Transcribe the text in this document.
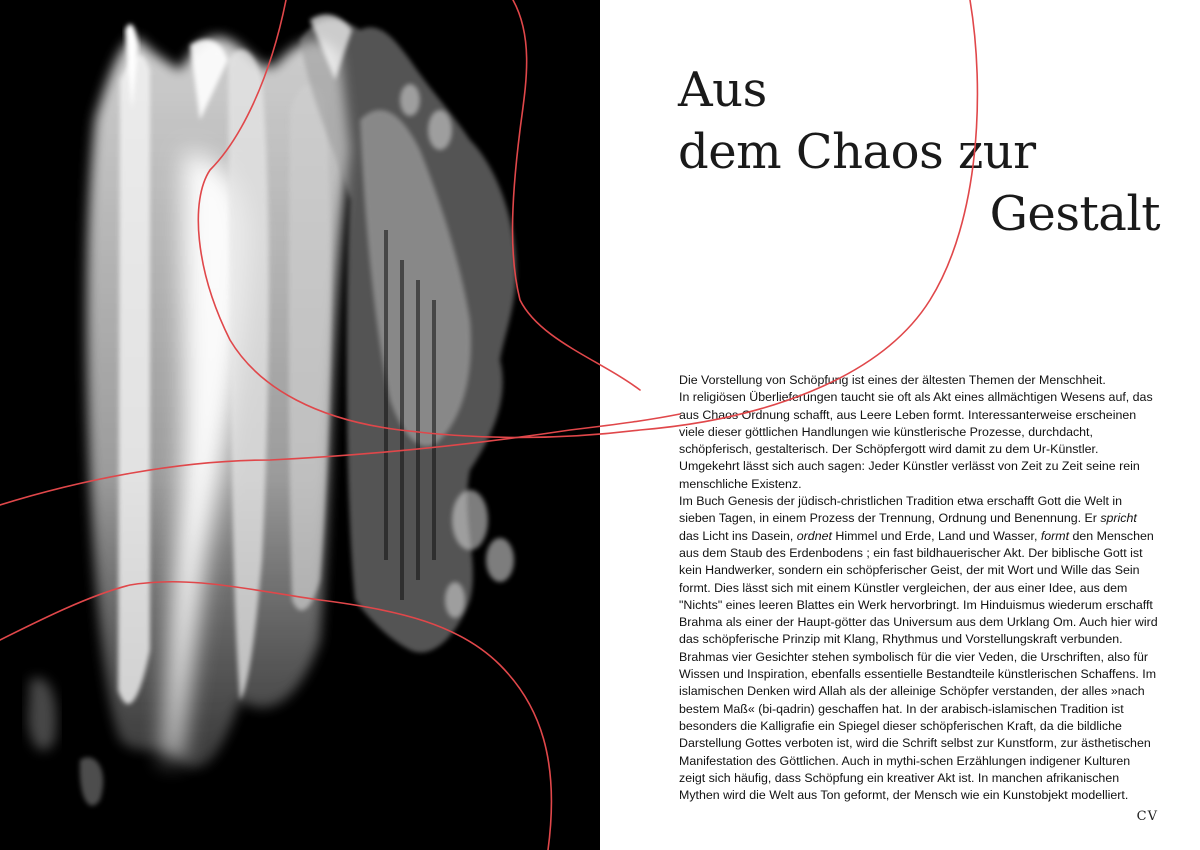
Aus
dem Chaos zur
Gestalt

Die Vorstellung von Schöpfung ist eines der ältesten Themen der Menschheit.

In religiösen Überlieferungen taucht sie oft als Akt eines allmächtigen Wesens auf, das aus Chaos Ordnung schafft, aus Leere Leben formt. Interessanterweise erscheinen viele dieser göttlichen Handlungen wie künstlerische Prozesse, durchdacht, schöpferisch, gestalterisch. Der Schöpfergott wird damit zu dem Ur-Künstler. Umgekehrt lässt sich auch sagen: Jeder Künstler verlässt von Zeit zu Zeit seine rein menschliche Existenz.

Im Buch Genesis der jüdisch-christlichen Tradition etwa erschafft Gott die Welt in sieben Tagen, in einem Prozess der Trennung, Ordnung und Benennung. Er spricht das Licht ins Dasein, ordnet Himmel und Erde, Land und Wasser, formt den Menschen aus dem Staub des Erdenbodens ; ein fast bildhauerischer Akt. Der biblische Gott ist kein Handwerker, sondern ein schöpferischer Geist, der mit Wort und Wille das Sein formt. Dies lässt sich mit einem Künstler vergleichen, der aus einer Idee, aus dem "Nichts" eines leeren Blattes ein Werk hervorbringt. Im Hinduismus wiederum erschafft Brahma als einer der Haupt-götter das Universum aus dem Urklang Om. Auch hier wird das schöpferische Prinzip mit Klang, Rhythmus und Vorstellungskraft verbunden. Brahmas vier Gesichter stehen symbolisch für die vier Veden, die Urschriften, also für Wissen und Inspiration, ebenfalls essentielle Bestandteile künstlerischen Schaffens. Im islamischen Denken wird Allah als der alleinige Schöpfer verstanden, der alles »nach bestem Maß« (bi-qadrin) geschaffen hat. In der arabisch-islamischen Tradition ist besonders die Kalligrafie ein Spiegel dieser schöpferischen Kraft, da die bildliche Darstellung Gottes verboten ist, wird die Schrift selbst zur Kunstform, zur ästhetischen Manifestation des Göttlichen. Auch in mythi-schen Erzählungen indigener Kulturen zeigt sich häufig, dass Schöpfung ein kreativer Akt ist. In manchen afrikanischen Mythen wird die Welt aus Ton geformt, der Mensch wie ein Kunstobjekt modelliert.

CV
